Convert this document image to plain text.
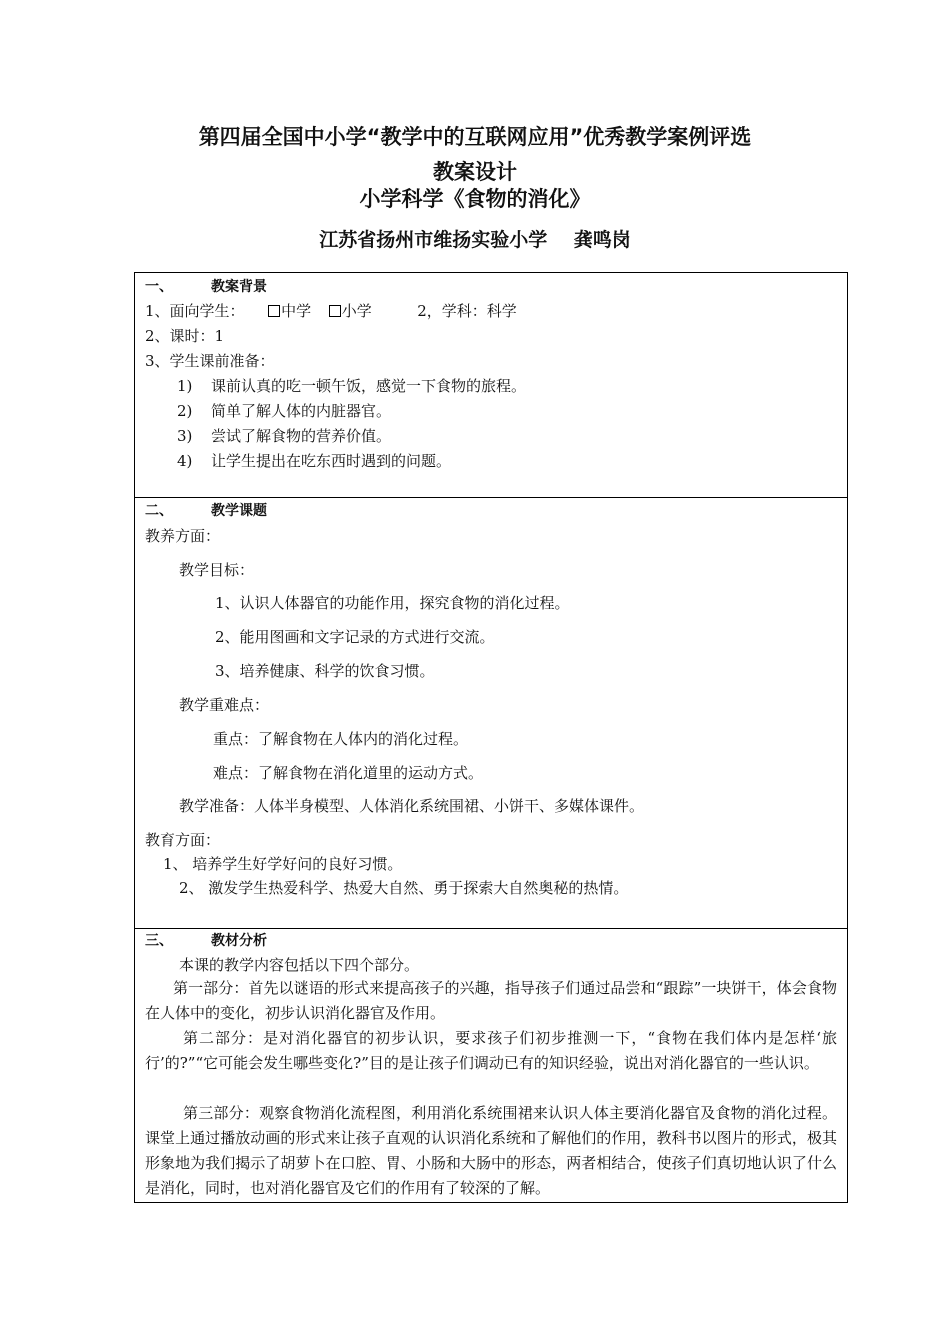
第四届全国中小学“教学中的互联网应用”优秀教学案例评选
教案设计
小学科学《食物的消化》
江苏省扬州市维扬实验小学    龚鸣岗
一、	教案背景
1、面向学生： 中学 小学	2，学科：科学
2、课时：1
3、学生课前准备：
1) 课前认真的吃一顿午饭，感觉一下食物的旅程。
2) 简单了解人体的内脏器官。
3) 尝试了解食物的营养价值。
4) 让学生提出在吃东西时遇到的问题。
二、	教学课题
教养方面：
教学目标：
1、认识人体器官的功能作用，探究食物的消化过程。
2、能用图画和文字记录的方式进行交流。
3、培养健康、科学的饮食习惯。
教学重难点：
重点：了解食物在人体内的消化过程。
难点：了解食物在消化道里的运动方式。
教学准备：人体半身模型、人体消化系统围裙、小饼干、多媒体课件。
教育方面：
1、 培养学生好学好问的良好习惯。
2、 激发学生热爱科学、热爱大自然、勇于探索大自然奥秘的热情。
三、	教材分析
本课的教学内容包括以下四个部分。
第一部分：首先以谜语的形式来提高孩子的兴趣，指导孩子们通过品尝和“跟踪”一块饼干，体会食物在人体中的变化，初步认识消化器官及作用。
第二部分：是对消化器官的初步认识，要求孩子们初步推测一下，“食物在我们体内是怎样‘旅行’的?”“它可能会发生哪些变化?”目的是让孩子们调动已有的知识经验，说出对消化器官的一些认识。
第三部分：观察食物消化流程图，利用消化系统围裙来认识人体主要消化器官及食物的消化过程。课堂上通过播放动画的形式来让孩子直观的认识消化系统和了解他们的作用，教科书以图片的形式，极其形象地为我们揭示了胡萝卜在口腔、胃、小肠和大肠中的形态，两者相结合，使孩子们真切地认识了什么是消化，同时，也对消化器官及它们的作用有了较深的了解。
